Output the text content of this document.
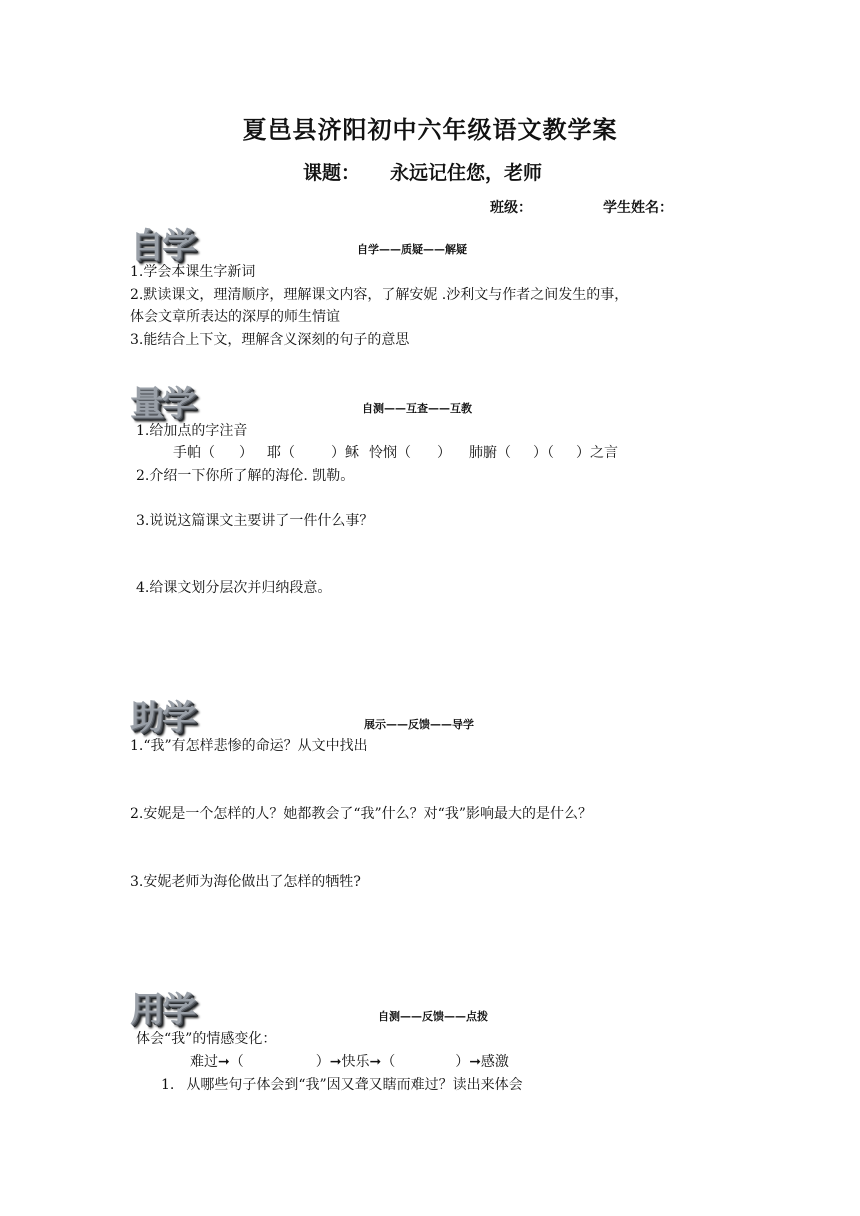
夏邑县济阳初中六年级语文教学案
课题： 永远记住您，老师
班级：	学生姓名：
自学	自学——质疑——解疑
1.学会本课生字新词
2.默读课文，理清顺序，理解课文内容，了解安妮 .沙利文与作者之间发生的事，
体会文章所表达的深厚的师生情谊
3.能结合上下文，理解含义深刻的句子的意思
量学	自测——互查——互教
1.给加点的字注音
手帕（ ） 耶（	）稣 怜悯（ ） 肺腑（ ）（ ）之言
2.介绍一下你所了解的海伦. 凯勒。
3.说说这篇课文主要讲了一件什么事？
4.给课文划分层次并归纳段意。
助学	展示——反馈——导学
1.“我”有怎样悲惨的命运？从文中找出
2.安妮是一个怎样的人？她都教会了“我”什么？对“我”影响最大的是什么？
3.安妮老师为海伦做出了怎样的牺牲?
用学	自测——反馈——点拨
体会“我”的情感变化：
难过➞（	）➞快乐➞（	）➞感激
1. 从哪些句子体会到“我”因又聋又瞎而难过？读出来体会
